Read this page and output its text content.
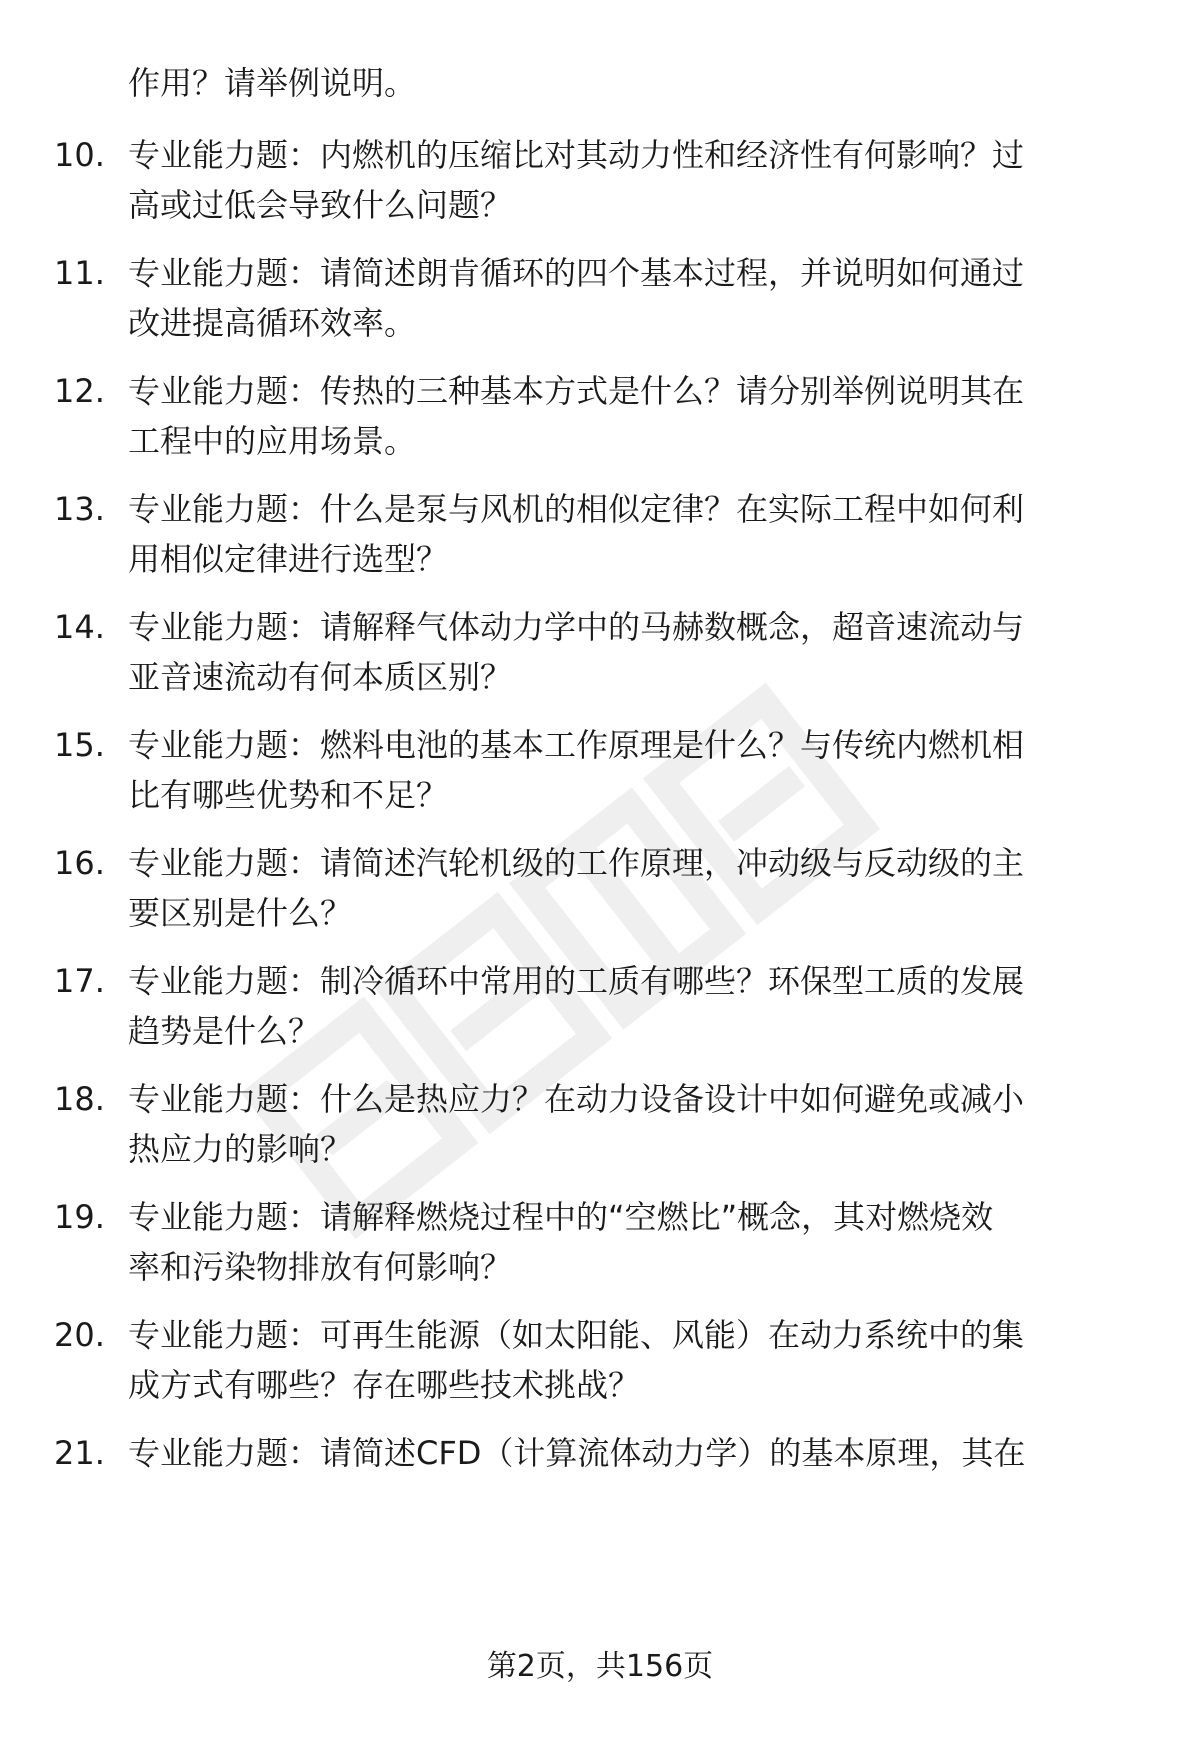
作用？请举例说明。
10. 专业能力题：内燃机的压缩比对其动力性和经济性有何影响？过
高或过低会导致什么问题？
11. 专业能力题：请简述朗肯循环的四个基本过程，并说明如何通过
改进提高循环效率。
12. 专业能力题：传热的三种基本方式是什么？请分别举例说明其在
工程中的应用场景。
13. 专业能力题：什么是泵与风机的相似定律？在实际工程中如何利
用相似定律进行选型？
14. 专业能力题：请解释气体动力学中的马赫数概念，超音速流动与
亚音速流动有何本质区别？
15. 专业能力题：燃料电池的基本工作原理是什么？与传统内燃机相
比有哪些优势和不足？
16. 专业能力题：请简述汽轮机级的工作原理，冲动级与反动级的主
要区别是什么？
17. 专业能力题：制冷循环中常用的工质有哪些？环保型工质的发展
趋势是什么？
18. 专业能力题：什么是热应力？在动力设备设计中如何避免或减小
热应力的影响？
19. 专业能力题：请解释燃烧过程中的“空燃比”概念，其对燃烧效
率和污染物排放有何影响？
20. 专业能力题：可再生能源（如太阳能、风能）在动力系统中的集
成方式有哪些？存在哪些技术挑战？
21. 专业能力题：请简述CFD（计算流体动力学）的基本原理，其在
第2页，共156页
